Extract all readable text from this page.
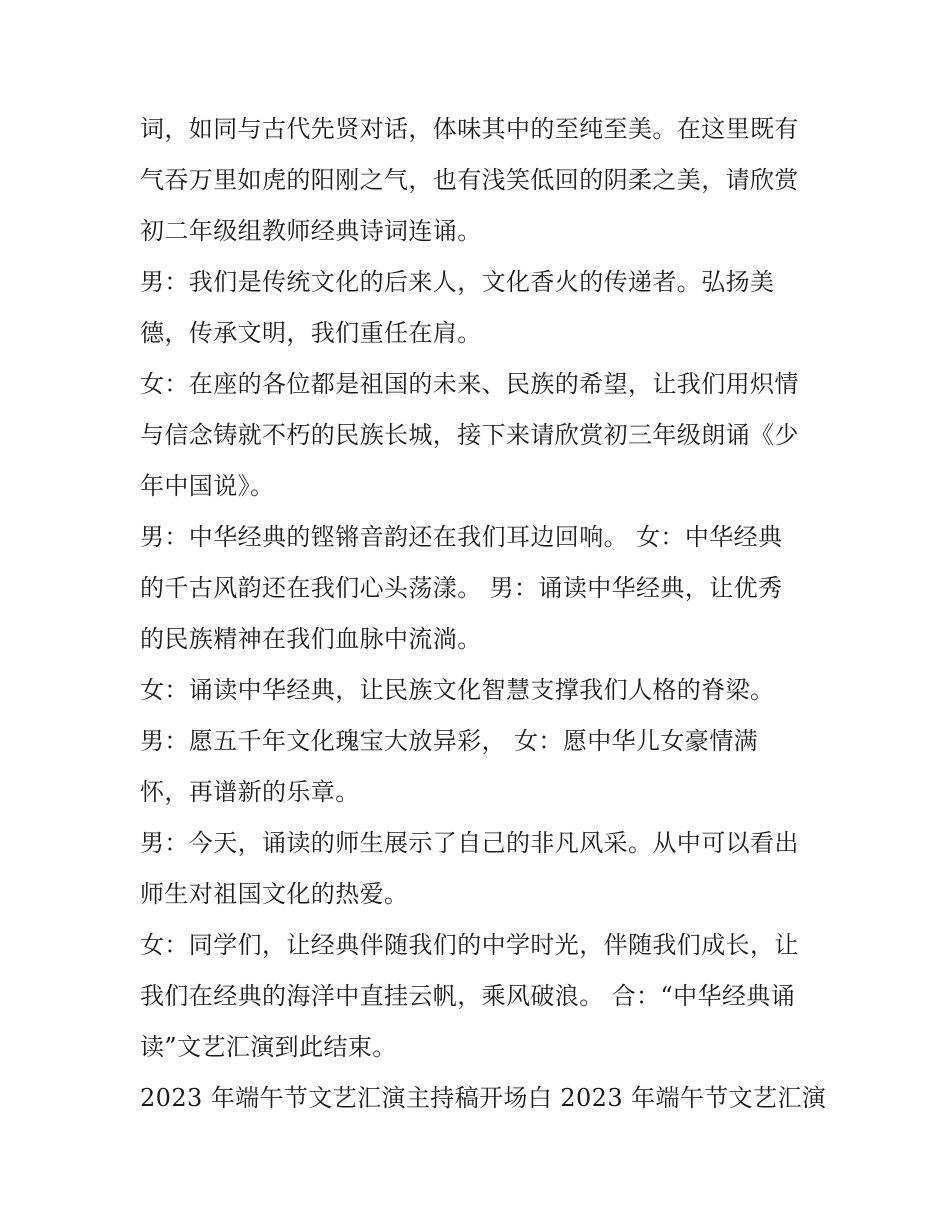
词，如同与古代先贤对话，体味其中的至纯至美。在这里既有
气吞万里如虎的阳刚之气，也有浅笑低回的阴柔之美，请欣赏
初二年级组教师经典诗词连诵。
男：我们是传统文化的后来人，文化香火的传递者。弘扬美
德，传承文明，我们重任在肩。
女：在座的各位都是祖国的未来、民族的希望，让我们用炽情
与信念铸就不朽的民族长城，接下来请欣赏初三年级朗诵《少
年中国说》。
男：中华经典的铿锵音韵还在我们耳边回响。 女：中华经典
的千古风韵还在我们心头荡漾。 男：诵读中华经典，让优秀
的民族精神在我们血脉中流淌。
女：诵读中华经典，让民族文化智慧支撑我们人格的脊梁。
男：愿五千年文化瑰宝大放异彩， 女：愿中华儿女豪情满
怀，再谱新的乐章。
男：今天，诵读的师生展示了自己的非凡风采。从中可以看出
师生对祖国文化的热爱。
女：同学们，让经典伴随我们的中学时光，伴随我们成长，让
我们在经典的海洋中直挂云帆，乘风破浪。 合：“中华经典诵
读”文艺汇演到此结束。
2023 年端午节文艺汇演主持稿开场白 2023 年端午节文艺汇演
